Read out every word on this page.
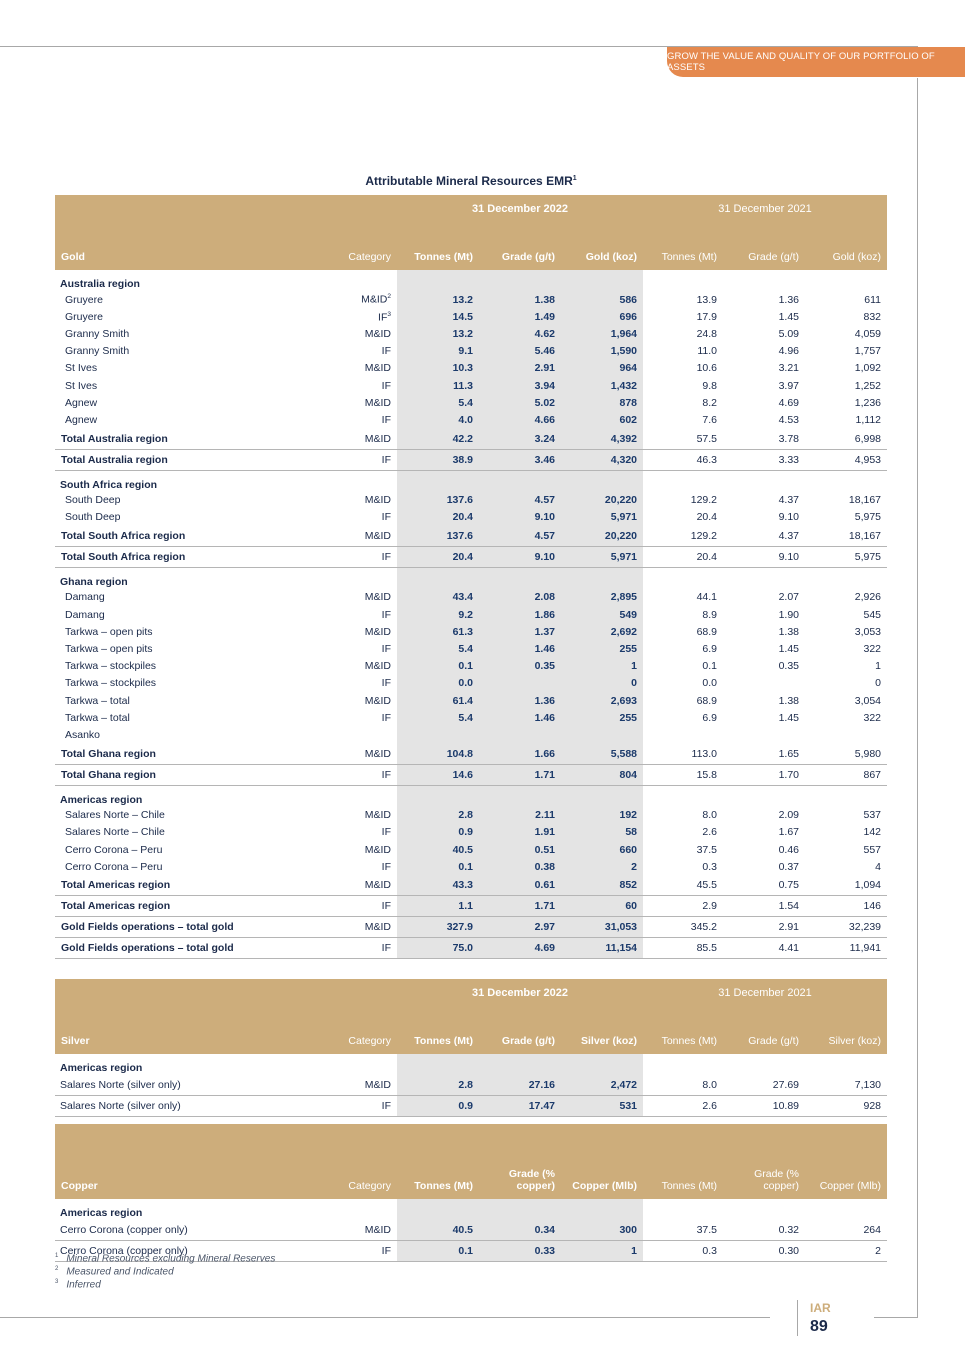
GROW THE VALUE AND QUALITY OF OUR PORTFOLIO OF ASSETS
Attributable Mineral Resources EMR$^1$
		31 December 2022			31 December 2021		
Gold	Category	Tonnes (Mt)	Grade (g/t)	Gold (koz)	Tonnes (Mt)	Grade (g/t)	Gold (koz)
Australia region							
Gruyere	$M\&ID^2$	13.2	1.38	586	13.9	1.36	611
Gruyere	$IF^3$	14.5	1.49	696	17.9	1.45	832
Granny Smith	M&ID	13.2	4.62	1,964	24.8	5.09	4,059
Granny Smith	IF	9.1	5.46	1,590	11.0	4.96	1,757
St Ives	M&ID	10.3	2.91	964	10.6	3.21	1,092
St Ives	IF	11.3	3.94	1,432	9.8	3.97	1,252
Agnew	M&ID	5.4	5.02	878	8.2	4.69	1,236
Agnew	IF	4.0	4.66	602	7.6	4.53	1,112
Total Australia region	M&ID	42.2	3.24	4,392	57.5	3.78	6,998
Total Australia region	IF	38.9	3.46	4,320	46.3	3.33	4,953
South Africa region							
South Deep	M&ID	137.6	4.57	20,220	129.2	4.37	18,167
South Deep	IF	20.4	9.10	5,971	20.4	9.10	5,975
Total South Africa region	M&ID	137.6	4.57	20,220	129.2	4.37	18,167
Total South Africa region	IF	20.4	9.10	5,971	20.4	9.10	5,975
Ghana region							
Damang	M&ID	43.4	2.08	2,895	44.1	2.07	2,926
Damang	IF	9.2	1.86	549	8.9	1.90	545
Tarkwa – open pits	M&ID	61.3	1.37	2,692	68.9	1.38	3,053
Tarkwa – open pits	IF	5.4	1.46	255	6.9	1.45	322
Tarkwa – stockpiles	M&ID	0.1	0.35	1	0.1	0.35	1
Tarkwa – stockpiles	IF	0.0		0	0.0		0
Tarkwa – total	M&ID	61.4	1.36	2,693	68.9	1.38	3,054
Tarkwa – total	IF	5.4	1.46	255	6.9	1.45	322
Asanko							
Total Ghana region	M&ID	104.8	1.66	5,588	113.0	1.65	5,980
Total Ghana region	IF	14.6	1.71	804	15.8	1.70	867
Americas region							
Salares Norte – Chile	M&ID	2.8	2.11	192	8.0	2.09	537
Salares Norte – Chile	IF	0.9	1.91	58	2.6	1.67	142
Cerro Corona – Peru	M&ID	40.5	0.51	660	37.5	0.46	557
Cerro Corona – Peru	IF	0.1	0.38	2	0.3	0.37	4
Total Americas region	M&ID	43.3	0.61	852	45.5	0.75	1,094
Total Americas region	IF	1.1	1.71	60	2.9	1.54	146
Gold Fields operations – total gold	M&ID	327.9	2.97	31,053	345.2	2.91	32,239
Gold Fields operations – total gold	IF	75.0	4.69	11,154	85.5	4.41	11,941
		31 December 2022			31 December 2021		
Silver	Category	Tonnes (Mt)	Grade (g/t)	Silver (koz)	Tonnes (Mt)	Grade (g/t)	Silver (koz)
Americas region							
Salares Norte (silver only)	M&ID	2.8	27.16	2,472	8.0	27.69	7,130
Salares Norte (silver only)	IF	0.9	17.47	531	2.6	10.89	928

Copper	Category	Tonnes (Mt)	Grade (% copper)	Copper (Mlb)	Tonnes (Mt)	Grade (% copper)	Copper (Mlb)
Americas region							
Cerro Corona (copper only)	M&ID	40.5	0.34	300	37.5	0.32	264
Cerro Corona (copper only)	IF	0.1	0.33	1	0.3	0.30	2
$^1$ Mineral Resources excluding Mineral Reserves
$^2$ Measured and Indicated
$^3$ Inferred
IAR
89
